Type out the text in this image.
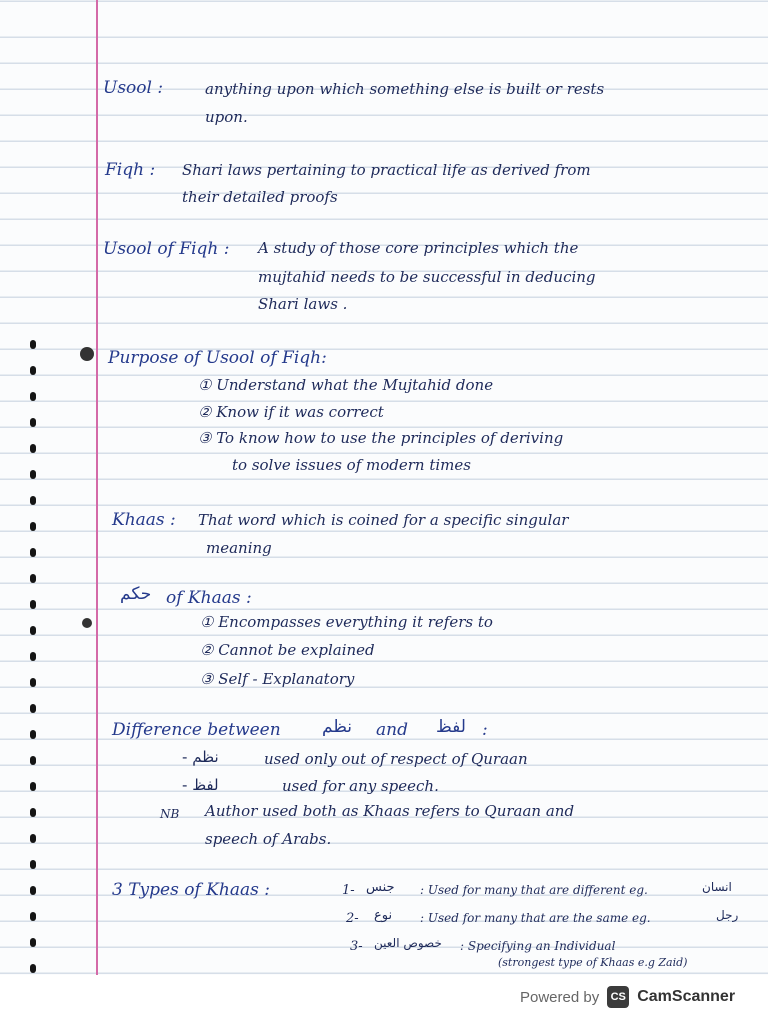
Usool :	anything upon which something else is built or rests
upon.
Fiqh : Shari laws pertaining to practical life as derived from
their detailed proofs
Usool of Fiqh : A study of those core principles which the
mujtahid needs to be successful in deducing
Shari laws .
Purpose of Usool of Fiqh:
① Understand what the Mujtahid done
② Know if it was correct
③ To know how to use the principles of deriving
to solve issues of modern times
Khaas : That word which is coined for a specific singular
meaning
حكم of Khaas :
① Encompasses everything it refers to
② Cannot be explained
③ Self - Explanatory
Difference between نظم and لفظ :
- نظم	used only out of respect of Quraan
- لفظ	used for any speech.
NB Author used both as Khaas refers to Quraan and
speech of Arabs.
3 Types of Khaas :	1- جنس : Used for many that are different eg.	انسان
2- نوع : Used for many that are the same eg.	رجل
3- خصوص العين : Specifying an Individual
(strongest type of Khaas e.g Zaid)
Powered by	CS CamScanner
